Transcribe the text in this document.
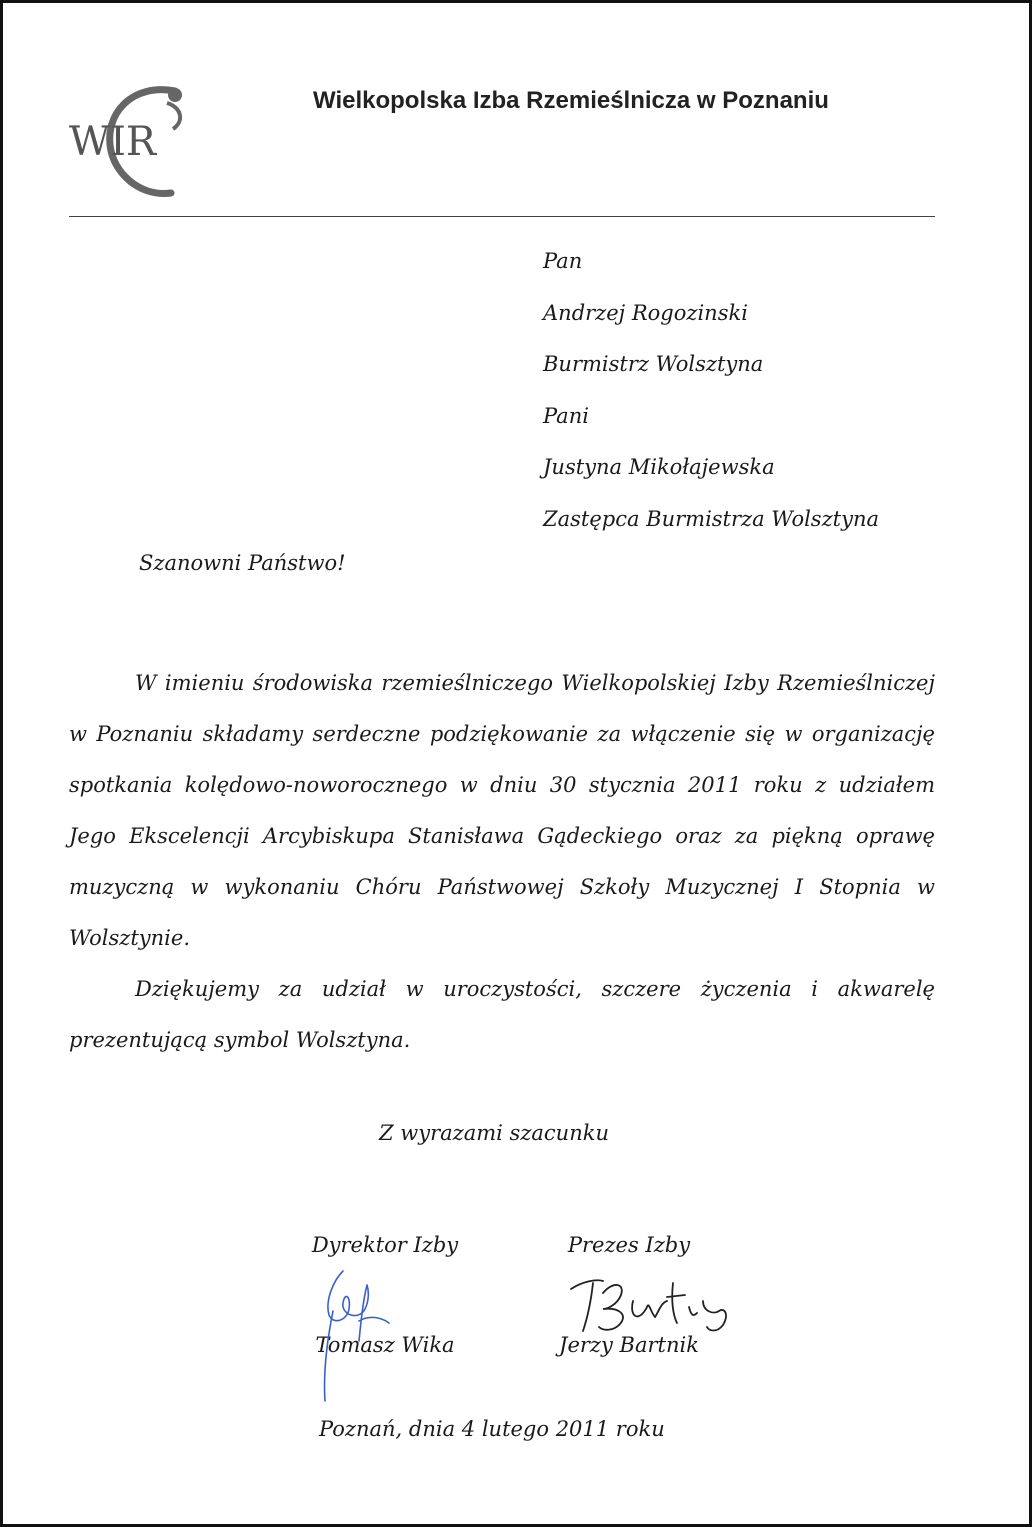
WIR
Wielkopolska Izba Rzemieślnicza w Poznaniu
Pan
Andrzej Rogozinski
Burmistrz Wolsztyna
Pani
Justyna Mikołajewska
Zastępca Burmistrza Wolsztyna
Szanowni Państwo!

W imieniu środowiska rzemieślniczego Wielkopolskiej Izby Rzemieślniczej w Poznaniu składamy serdeczne podziękowanie za włączenie się w organizację spotkania kolędowo-noworocznego w dniu 30 stycznia 2011 roku z udziałem Jego Ekscelencji Arcybiskupa Stanisława Gądeckiego oraz za piękną oprawę muzyczną w wykonaniu Chóru Państwowej Szkoły Muzycznej I Stopnia w Wolsztynie.

Dziękujemy za udział w uroczystości, szczere życzenia i akwarelę prezentującą symbol Wolsztyna.

Z wyrazami szacunku
Dyrektor Izby
Tomasz Wika
Prezes Izby
Jerzy Bartnik
Poznań, dnia 4 lutego 2011 roku
